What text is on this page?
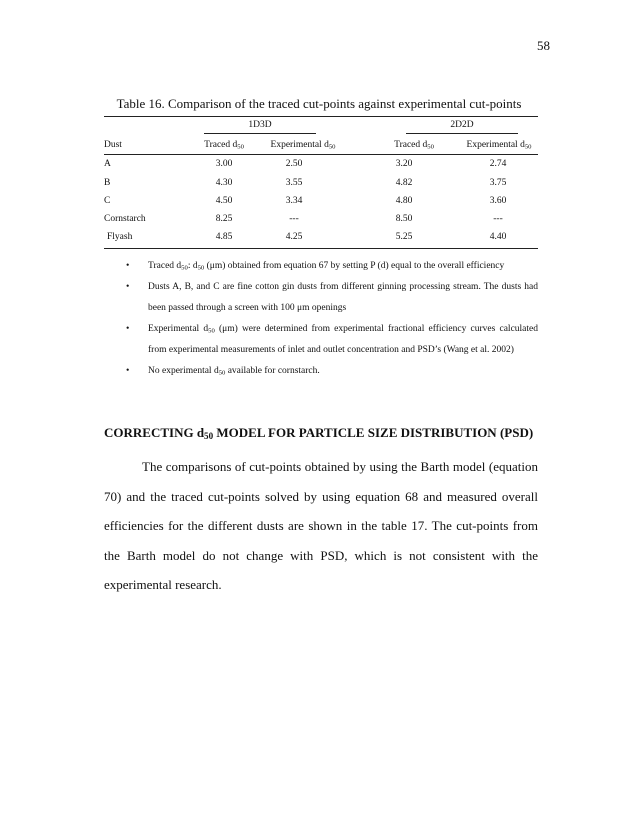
58
Table 16. Comparison of the traced cut-points against experimental cut-points
1D3D	2D2D
Dust	Traced $d_{50}$	Experimental $d_{50}$	Traced $d_{50}$	Experimental $d_{50}$
A	3.00	2.50	3.20	2.74
B	4.30	3.55	4.82	3.75
C	4.50	3.34	4.80	3.60
Cornstarch	8.25	---	8.50	---
Flyash	4.85	4.25	5.25	4.40
• Traced $d_{50}$: $d_{50}$ (μm) obtained from equation 67 by setting P (d) equal to the overall efficiency
• Dusts A, B, and C are fine cotton gin dusts from different ginning processing stream. The dusts had been passed through a screen with 100 μm openings
• Experimental $d_{50}$ (μm) were determined from experimental fractional efficiency curves calculated from experimental measurements of inlet and outlet concentration and PSD’s (Wang et al. 2002)
• No experimental $d_{50}$ available for cornstarch.
CORRECTING $d_{50}$ MODEL FOR PARTICLE SIZE DISTRIBUTION (PSD)

The comparisons of cut-points obtained by using the Barth model (equation 70) and the traced cut-points solved by using equation 68 and measured overall efficiencies for the different dusts are shown in the table 17. The cut-points from the Barth model do not change with PSD, which is not consistent with the experimental research.
